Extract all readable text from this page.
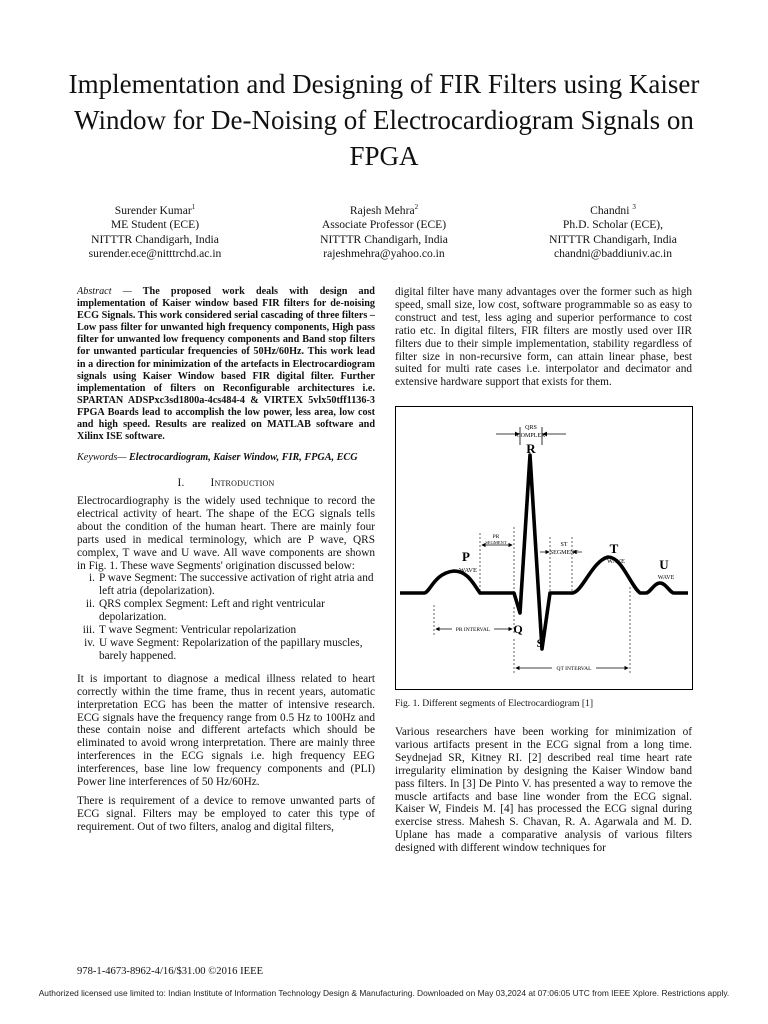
Implementation and Designing of FIR Filters using Kaiser Window for De-Noising of Electrocardiogram Signals on FPGA
Surender Kumar$^1$
ME Student (ECE)
NITTTR Chandigarh, India
surender.ece@nitttrchd.ac.in
Rajesh Mehra$^2$
Associate Professor (ECE)
NITTTR Chandigarh, India
rajeshmehra@yahoo.co.in
Chandni $^3$
Ph.D. Scholar (ECE),
NITTTR Chandigarh, India
chandni@baddiuniv.ac.in

Abstract — The proposed work deals with design and implementation of Kaiser window based FIR filters for de-noising ECG Signals. This work considered serial cascading of three filters – Low pass filter for unwanted high frequency components, High pass filter for unwanted low frequency components and Band stop filters for unwanted particular frequencies of 50Hz/60Hz. This work lead in a direction for minimization of the artefacts in Electrocardiogram signals using Kaiser Window based FIR digital filter. Further implementation of filters on Reconfigurable architectures i.e. SPARTAN ADSPxc3sd1800a-4cs484-4 & VIRTEX 5vlx50tff1136-3 FPGA Boards lead to accomplish the low power, less area, low cost and high speed. Results are realized on MATLAB software and Xilinx ISE software.

Keywords— Electrocardiogram, Kaiser Window, FIR, FPGA, ECG

I. Introduction

Electrocardiography is the widely used technique to record the electrical activity of heart. The shape of the ECG signals tells about the condition of the human heart. There are mainly four parts used in medical terminology, which are P wave, QRS complex, T wave and U wave. All wave components are shown in Fig. 1. These wave Segments' origination discussed below:

i. P wave Segment: The successive activation of right atria and left atria (depolarization).
ii. QRS complex Segment: Left and right ventricular depolarization.
iii. T wave Segment: Ventricular repolarization
iv. U wave Segment: Repolarization of the papillary muscles, barely happened.

It is important to diagnose a medical illness related to heart correctly within the time frame, thus in recent years, automatic interpretation ECG has been the matter of intensive research. ECG signals have the frequency range from 0.5 Hz to 100Hz and these contain noise and different artefacts which should be eliminated to avoid wrong interpretation. There are mainly three interferences in the ECG signals i.e. high frequency EEG interferences, base line low frequency components and (PLI) Power line interferences of 50 Hz/60Hz.

There is requirement of a device to remove unwanted parts of ECG signal. Filters may be employed to cater this type of requirement. Out of two filters, analog and digital filters,

digital filter have many advantages over the former such as high speed, small size, low cost, software programmable so as easy to construct and test, less aging and superior performance to cost ratio etc. In digital filters, FIR filters are mostly used over IIR filters due to their simple implementation, stability regardless of filter size in non-recursive form, can attain linear phase, best suited for multi rate cases i.e. interpolator and decimator and extensive hardware support that exists for them.

QRS
COMPLEX
R
PR
SEGMENT	ST
SEGMENT
P
WAVE
T
WAVE	U
WAVE
PR INTERVAL Q
S
QT INTERVAL
Fig. 1. Different segments of Electrocardiogram [1]

Various researchers have been working for minimization of various artifacts present in the ECG signal from a long time. Seydnejad SR, Kitney RI. [2] described real time heart rate irregularity elimination by designing the Kaiser Window band pass filters. In [3] De Pinto V. has presented a way to remove the muscle artifacts and base line wonder from the ECG signal. Kaiser W, Findeis M. [4] has processed the ECG signal during exercise stress. Mahesh S. Chavan, R. A. Agarwala and M. D. Uplane has made a comparative analysis of various filters designed with different window techniques for

978-1-4673-8962-4/16/$31.00 ©2016 IEEE
Authorized licensed use limited to: Indian Institute of Information Technology Design & Manufacturing. Downloaded on May 03,2024 at 07:06:05 UTC from IEEE Xplore. Restrictions apply.
